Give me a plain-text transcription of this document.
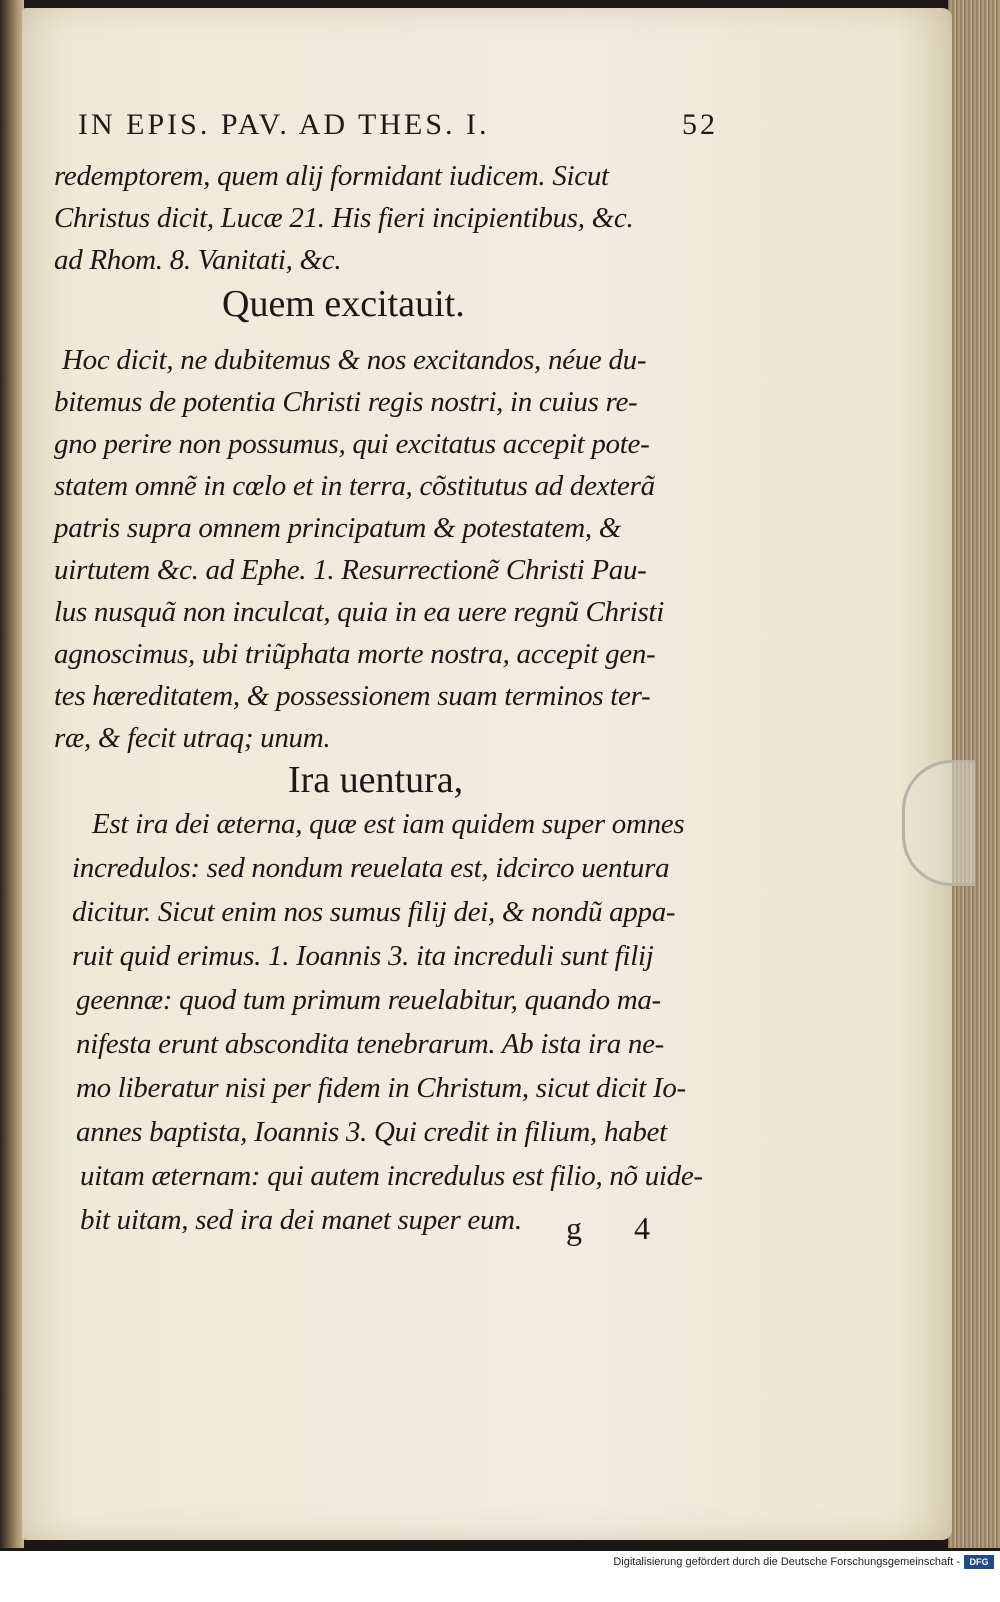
IN EPIS. PAV. AD THES. I.	52
redemptorem, quem alij formidant iudicem. Sicut
Christus dicit, Lucæ 21. His fieri incipientibus, &c.
ad Rhom. 8. Vanitati, &c.
Quem excitauit.
Hoc dicit, ne dubitemus & nos excitandos, néue du-
bitemus de potentia Christi regis nostri, in cuius re-
gno perire non possumus, qui excitatus accepit pote-
statem omnẽ in cœlo et in terra, cõstitutus ad dexterã
patris supra omnem principatum & potestatem, &
uirtutem &c. ad Ephe. 1. Resurrectionẽ Christi Pau-
lus nusquã non inculcat, quia in ea uere regnũ Christi
agnoscimus, ubi triũphata morte nostra, accepit gen-
tes hæreditatem, & possessionem suam terminos ter-
ræ, & fecit utraq; unum.
Ira uentura,
Est ira dei æterna, quæ est iam quidem super omnes
incredulos: sed nondum reuelata est, idcirco uentura
dicitur. Sicut enim nos sumus filij dei, & nondũ appa-
ruit quid erimus. 1. Ioannis 3. ita increduli sunt filij
geennæ: quod tum primum reuelabitur, quando ma-
nifesta erunt abscondita tenebrarum. Ab ista ira ne-
mo liberatur nisi per fidem in Christum, sicut dicit Io-
annes baptista, Ioannis 3. Qui credit in filium, habet
uitam æternam: qui autem incredulus est filio, nõ uide-
bit uitam, sed ira dei manet super eum.	g 4
Digitalisierung gefördert durch die Deutsche Forschungsgemeinschaft -	DFG
